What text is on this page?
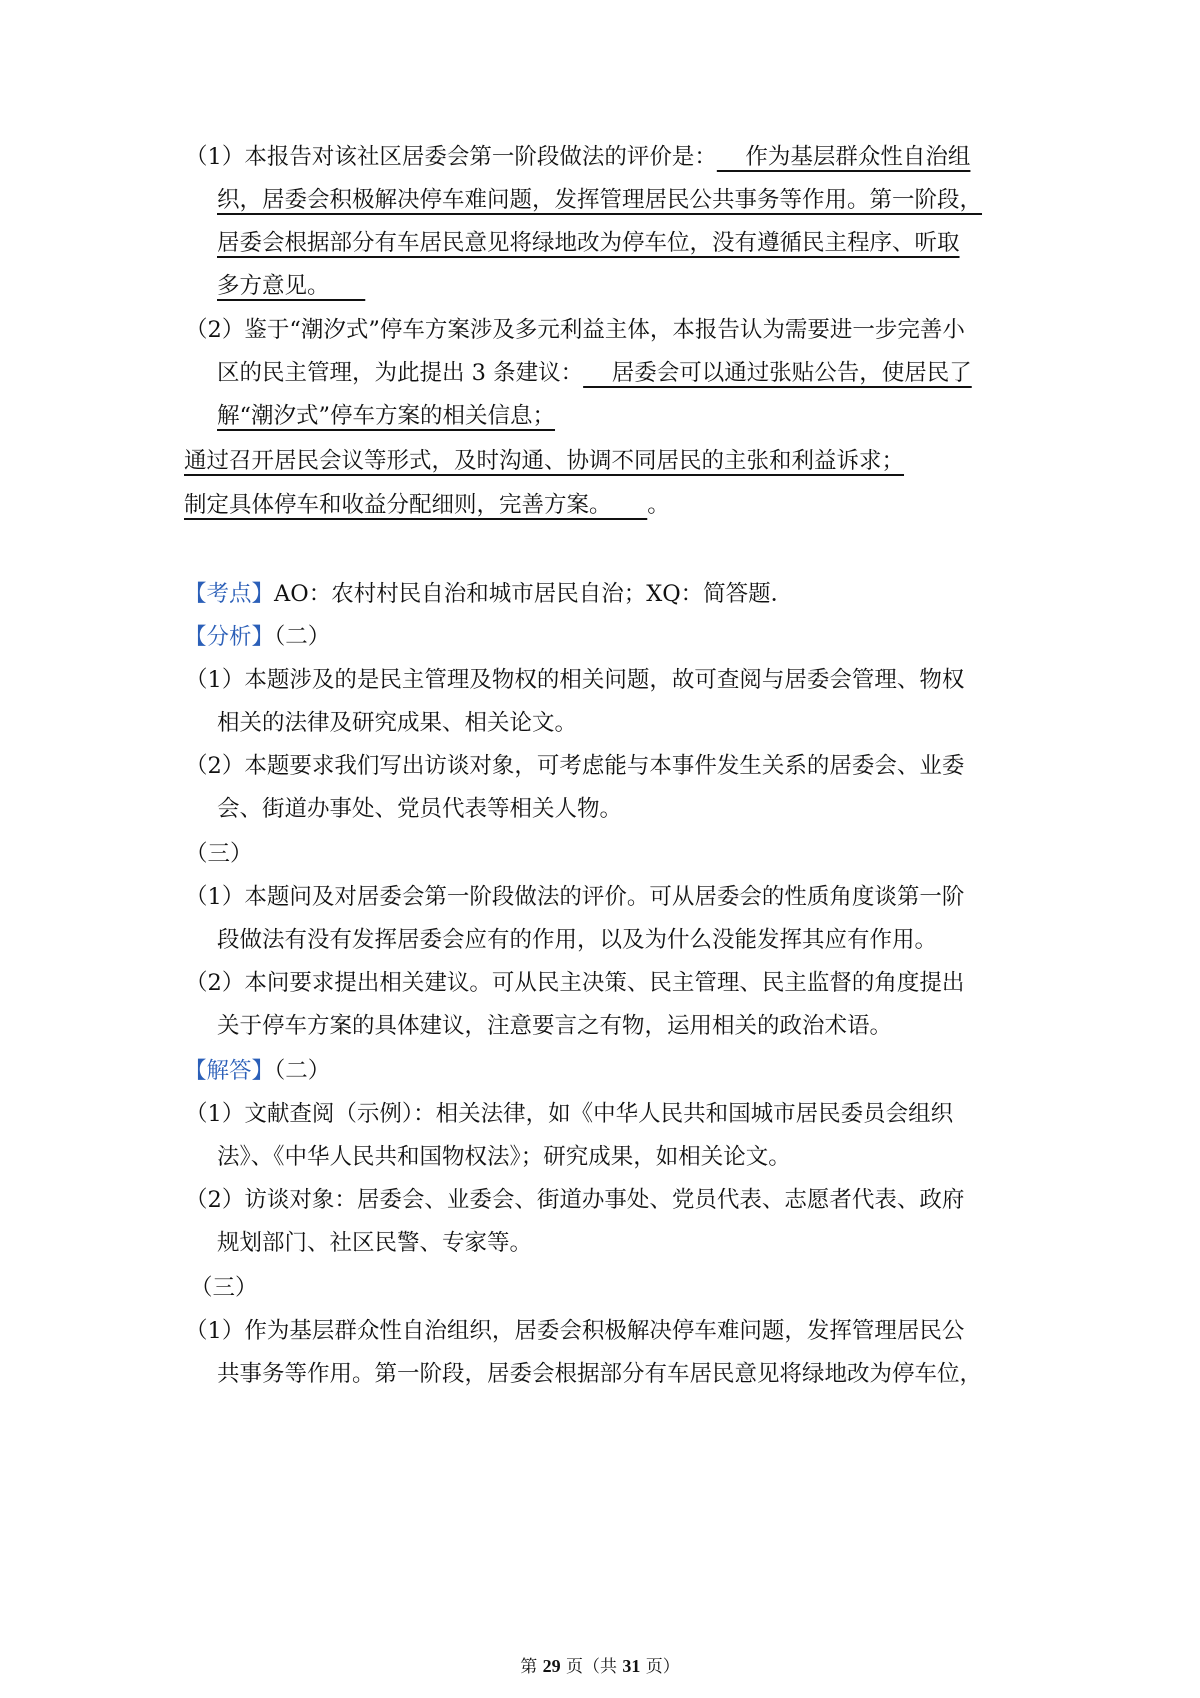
（1）本报告对该社区居委会第一阶段做法的评价是：    作为基层群众性自治组
织，居委会积极解决停车难问题，发挥管理居民公共事务等作用。第一阶段，
居委会根据部分有车居民意见将绿地改为停车位，没有遵循民主程序、听取
多方意见。
（2）鉴于“潮汐式”停车方案涉及多元利益主体，本报告认为需要进一步完善小
区的民主管理，为此提出 3 条建议：    居委会可以通过张贴公告，使居民了
解“潮汐式”停车方案的相关信息；
通过召开居民会议等形式，及时沟通、协调不同居民的主张和利益诉求；
制定具体停车和收益分配细则，完善方案。     。
【考点】AO：农村村民自治和城市居民自治；XQ：简答题．
【分析】（二）
（1）本题涉及的是民主管理及物权的相关问题，故可查阅与居委会管理、物权
相关的法律及研究成果、相关论文。
（2）本题要求我们写出访谈对象，可考虑能与本事件发生关系的居委会、业委
会、街道办事处、党员代表等相关人物。
（三）
（1）本题问及对居委会第一阶段做法的评价。可从居委会的性质角度谈第一阶
段做法有没有发挥居委会应有的作用，以及为什么没能发挥其应有作用。
（2）本问要求提出相关建议。可从民主决策、民主管理、民主监督的角度提出
关于停车方案的具体建议，注意要言之有物，运用相关的政治术语。
【解答】（二）
（1）文献查阅（示例）：相关法律，如《中华人民共和国城市居民委员会组织
法》、《中华人民共和国物权法》；研究成果，如相关论文。
（2）访谈对象：居委会、业委会、街道办事处、党员代表、志愿者代表、政府
规划部门、社区民警、专家等。
（三）
（1）作为基层群众性自治组织，居委会积极解决停车难问题，发挥管理居民公
共事务等作用。第一阶段，居委会根据部分有车居民意见将绿地改为停车位，
第 29 页（共 31 页）
